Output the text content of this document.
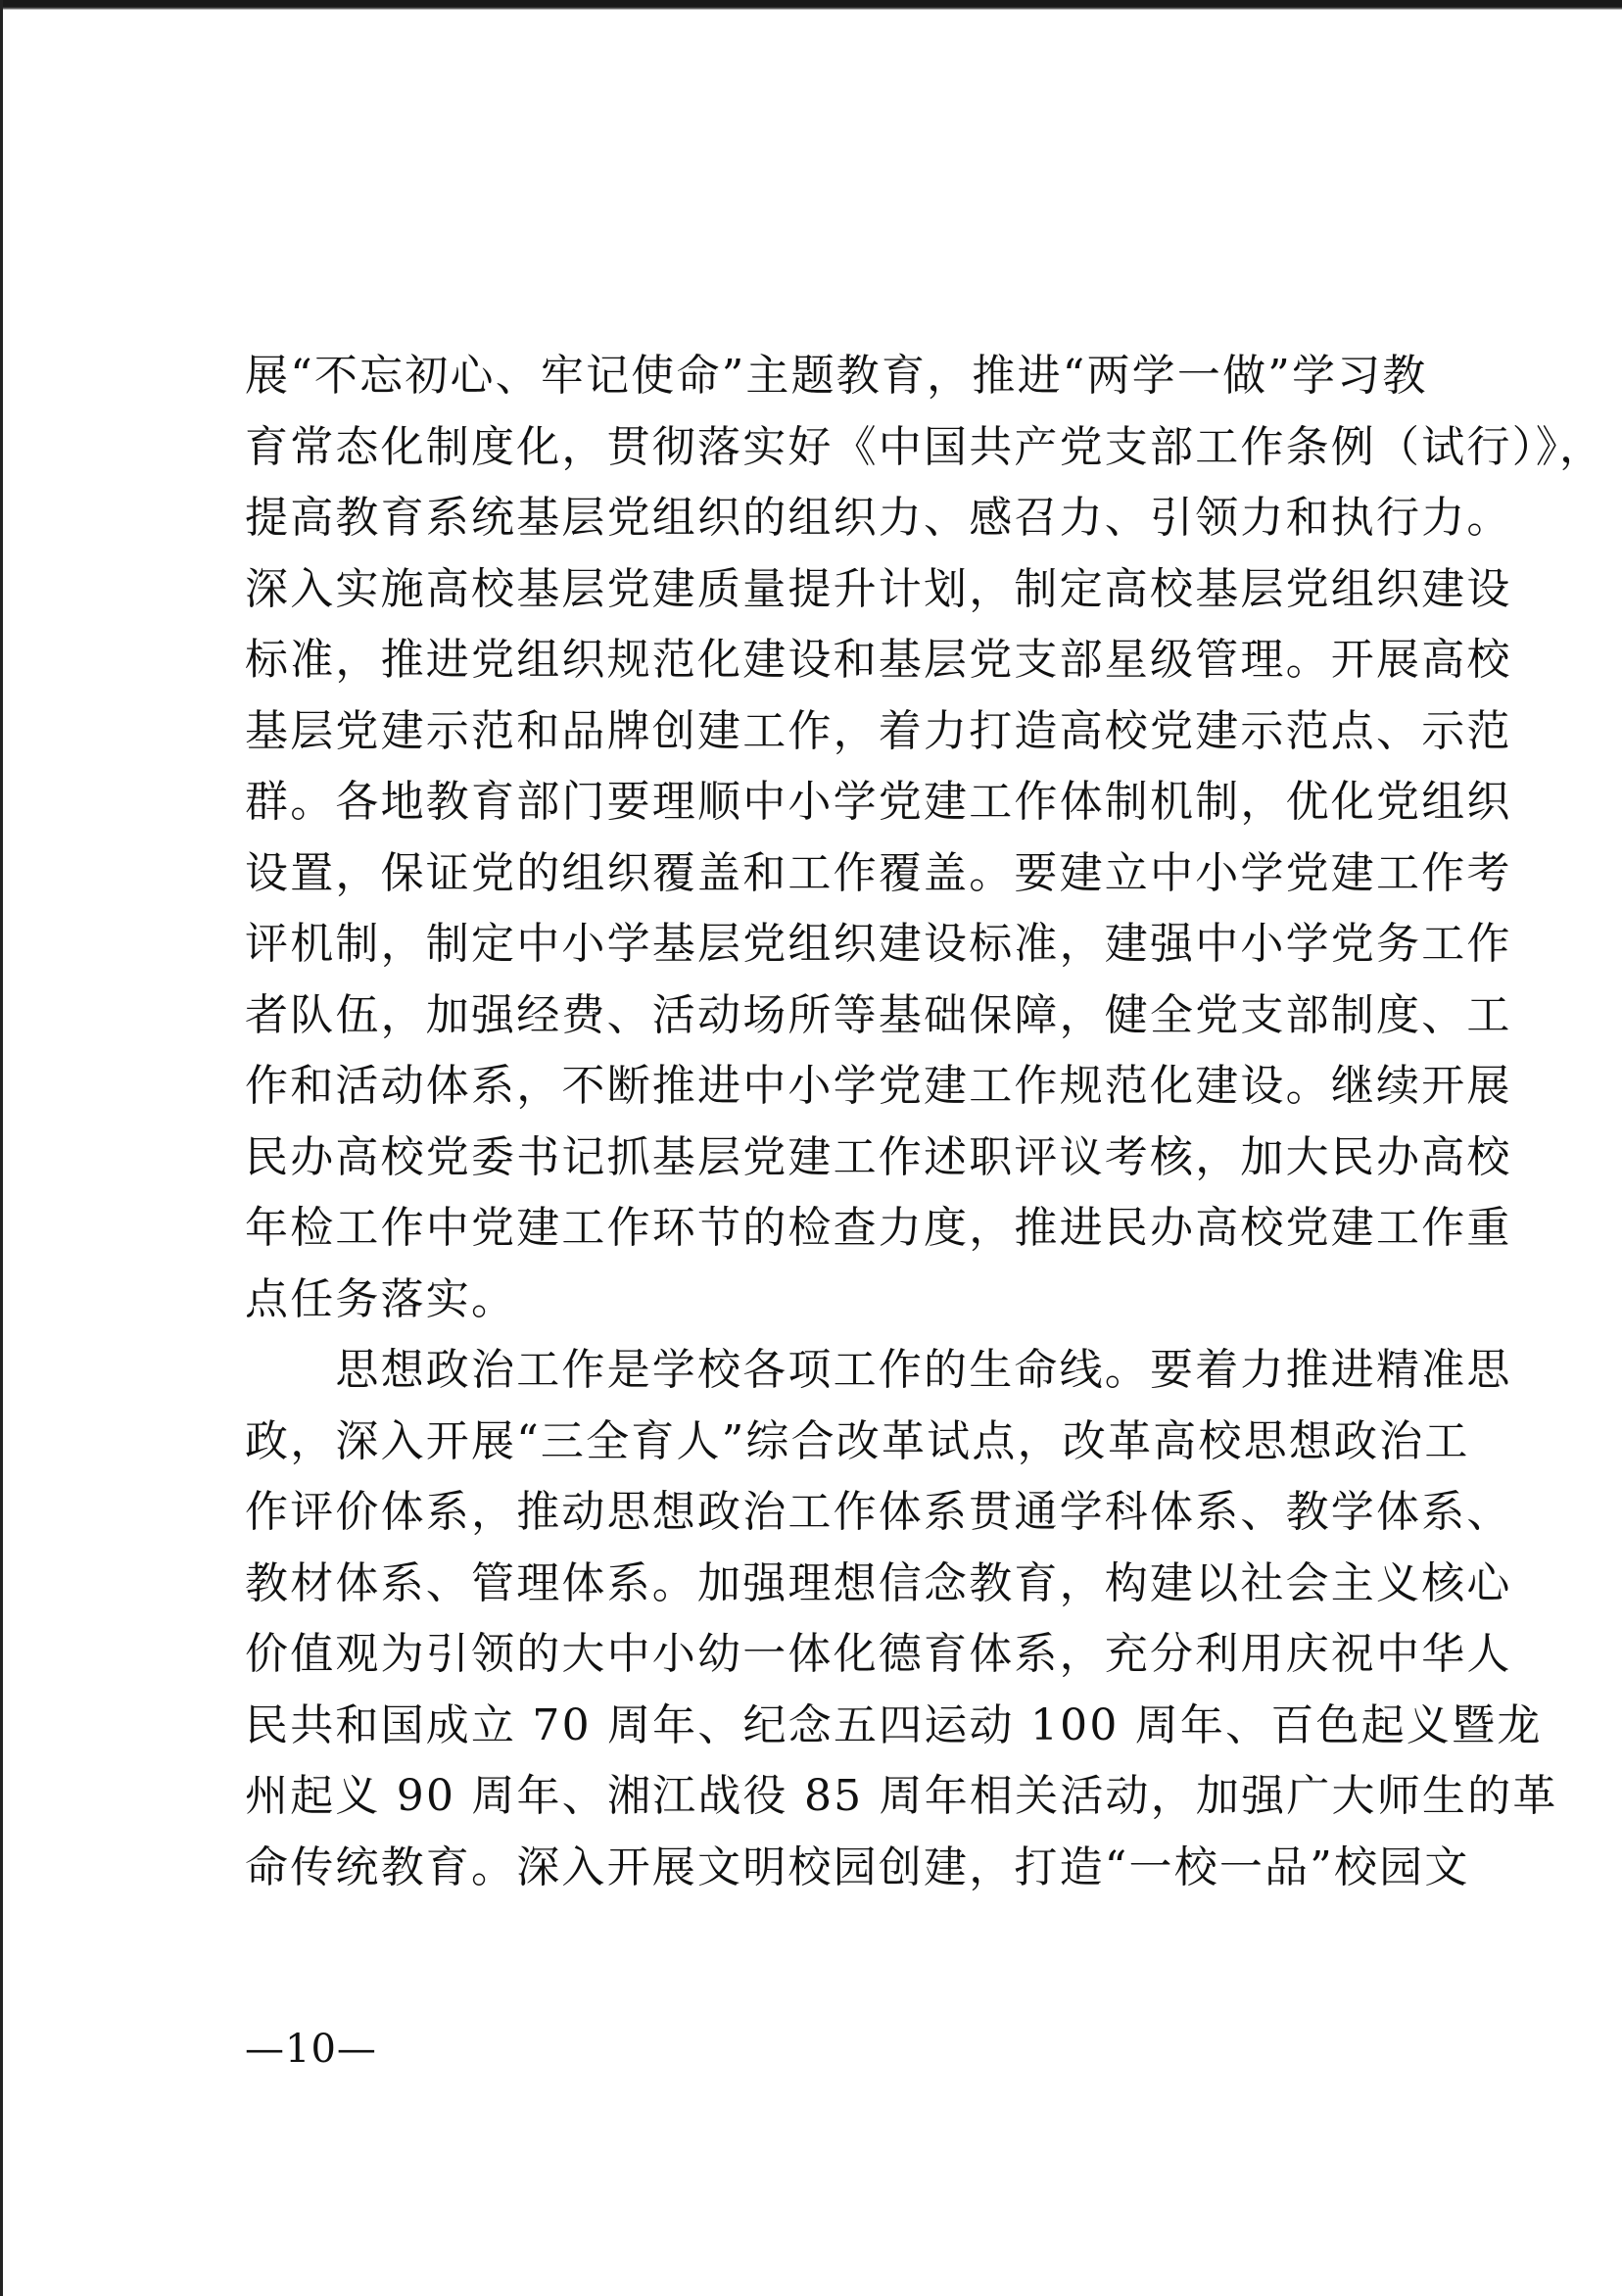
展“不忘初心、牢记使命”主题教育，推进“两学一做”学习教
育常态化制度化，贯彻落实好《中国共产党支部工作条例（试行）》，
提高教育系统基层党组织的组织力、感召力、引领力和执行力。
深入实施高校基层党建质量提升计划，制定高校基层党组织建设
标准，推进党组织规范化建设和基层党支部星级管理。开展高校
基层党建示范和品牌创建工作，着力打造高校党建示范点、示范
群。各地教育部门要理顺中小学党建工作体制机制，优化党组织
设置，保证党的组织覆盖和工作覆盖。要建立中小学党建工作考
评机制，制定中小学基层党组织建设标准，建强中小学党务工作
者队伍，加强经费、活动场所等基础保障，健全党支部制度、工
作和活动体系，不断推进中小学党建工作规范化建设。继续开展
民办高校党委书记抓基层党建工作述职评议考核，加大民办高校
年检工作中党建工作环节的检查力度，推进民办高校党建工作重
点任务落实。
　　思想政治工作是学校各项工作的生命线。要着力推进精准思
政，深入开展“三全育人”综合改革试点，改革高校思想政治工
作评价体系，推动思想政治工作体系贯通学科体系、教学体系、
教材体系、管理体系。加强理想信念教育，构建以社会主义核心
价值观为引领的大中小幼一体化德育体系，充分利用庆祝中华人
民共和国成立 70 周年、纪念五四运动 100 周年、百色起义暨龙
州起义 90 周年、湘江战役 85 周年相关活动，加强广大师生的革
命传统教育。深入开展文明校园创建，打造“一校一品”校园文
—10—
